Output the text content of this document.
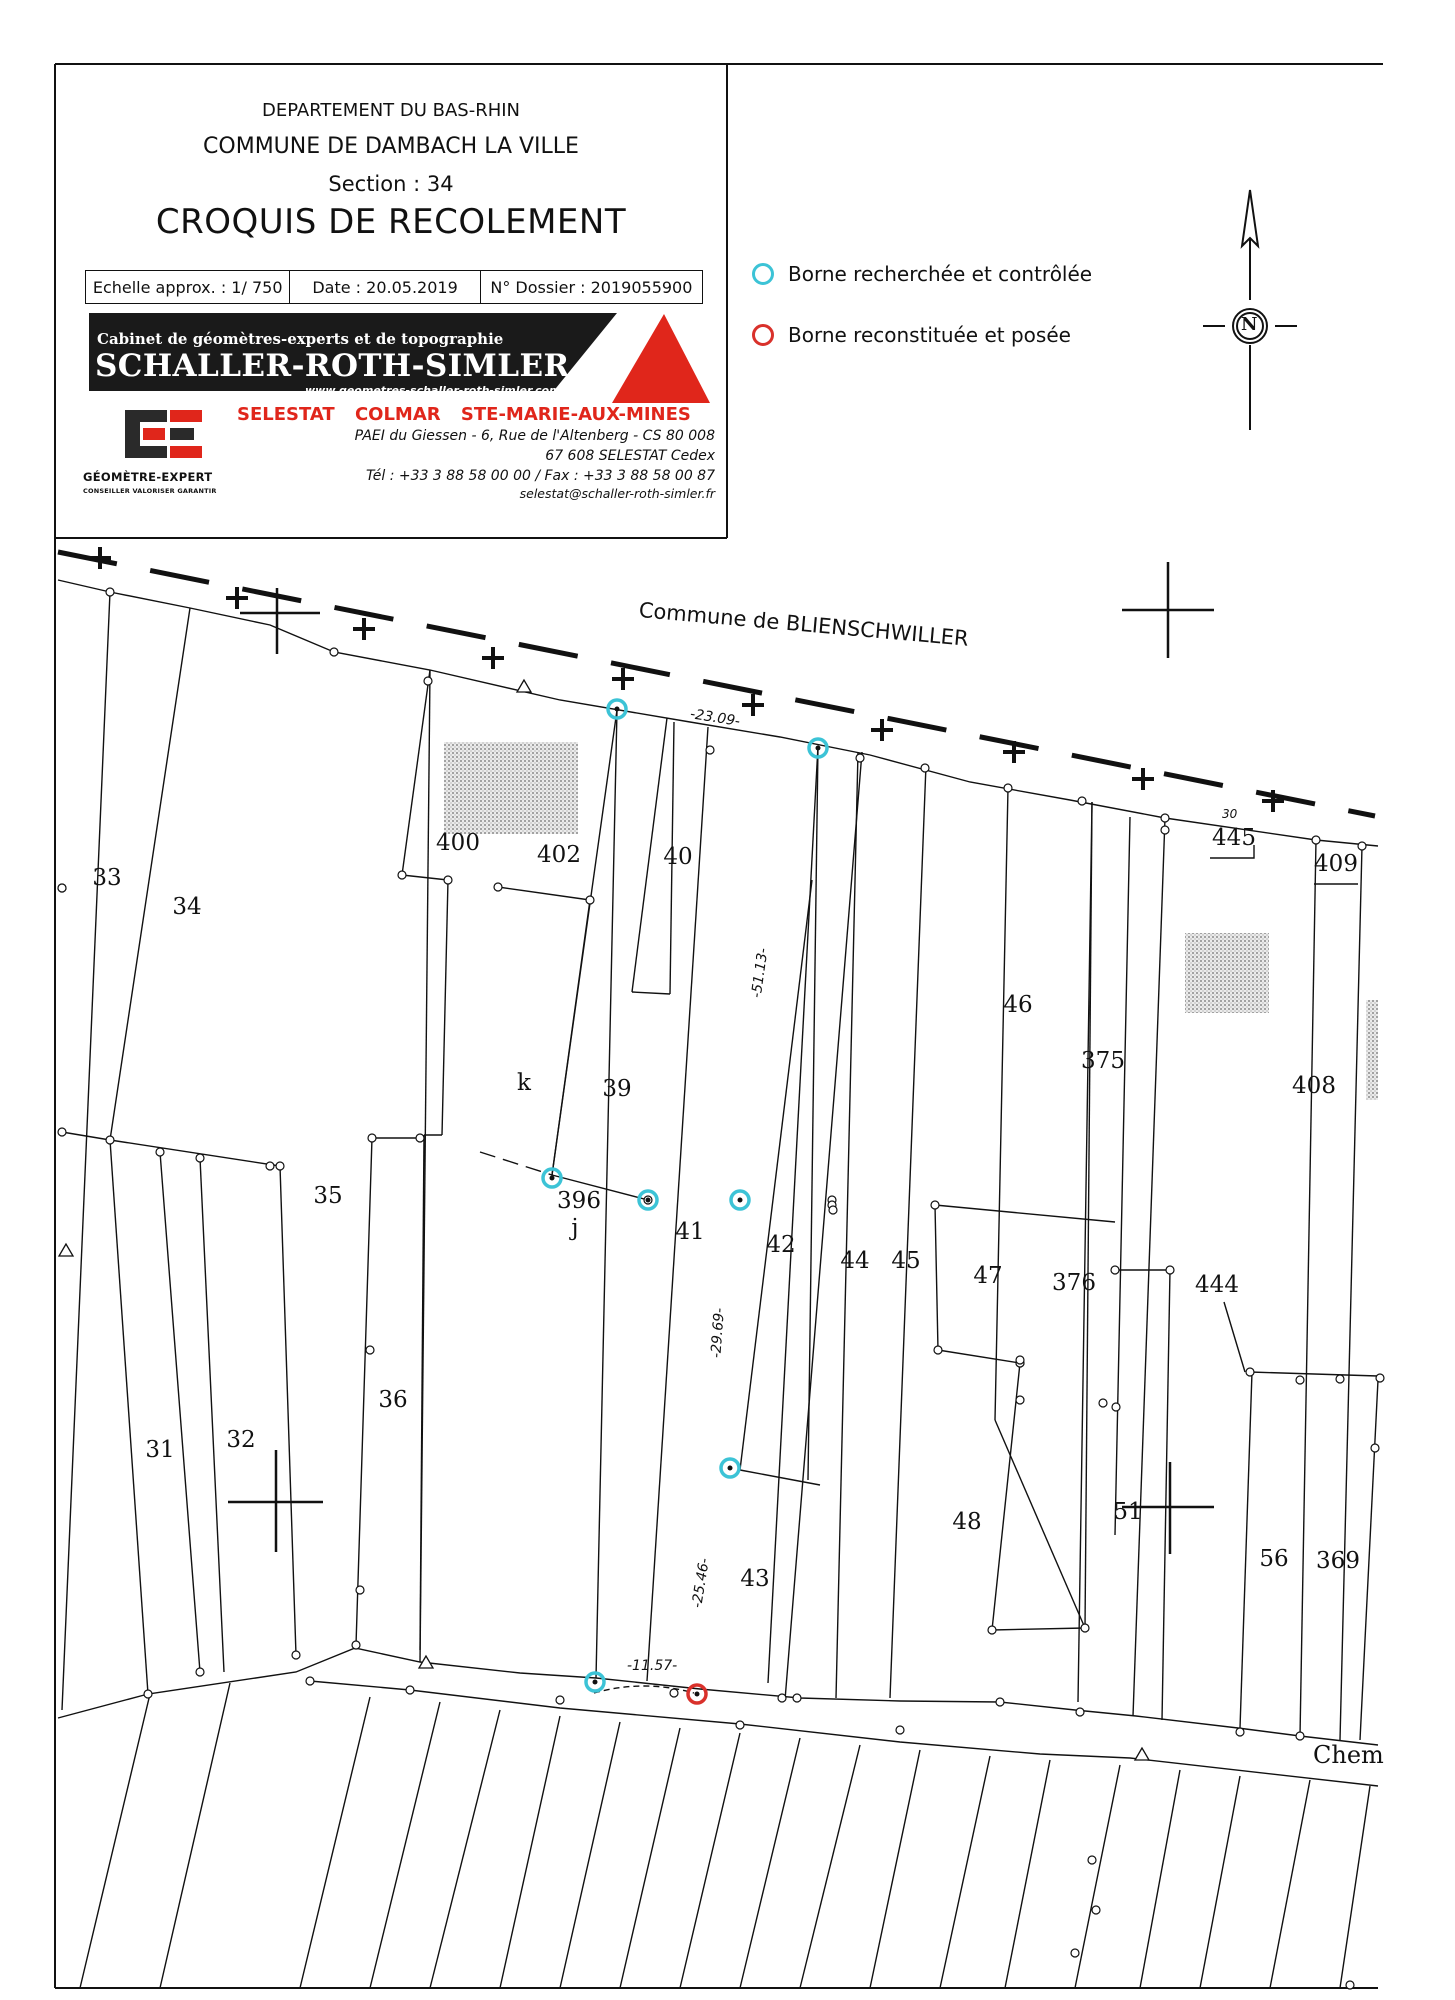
DEPARTEMENT DU BAS-RHIN
COMMUNE DE DAMBACH LA VILLE
Section : 34
CROQUIS DE RECOLEMENT
Echelle approx. : 1/ 750	Date : 20.05.2019	N° Dossier : 2019055900
Cabinet de géomètres-experts et de topographie
SCHALLER-ROTH-SIMLER
www.geometres-schaller-roth-simler.com
SELESTAT COLMAR STE-MARIE-AUX-MINES
PAEI du Giessen - 6, Rue de l'Altenberg - CS 80 008
67 608 SELESTAT Cedex
Tél : +33 3 88 58 00 00 / Fax : +33 3 88 58 00 87
selestat@schaller-roth-simler.fr
GÉOMÈTRE-EXPERT
CONSEILLER VALORISER GARANTIR
Borne recherchée et contrôlée
Borne reconstituée et posée	N
Commune de BLIENSCHWILLER
Chem
33
34
400 402	40
445
409
46
375
408
k	39
35	396
j	41	42
44 45
47 376	444
36
31 32
48	51
43
56 369
-23.09-
-51.13-
-29.69-
-25.46-
-11.57-
30
